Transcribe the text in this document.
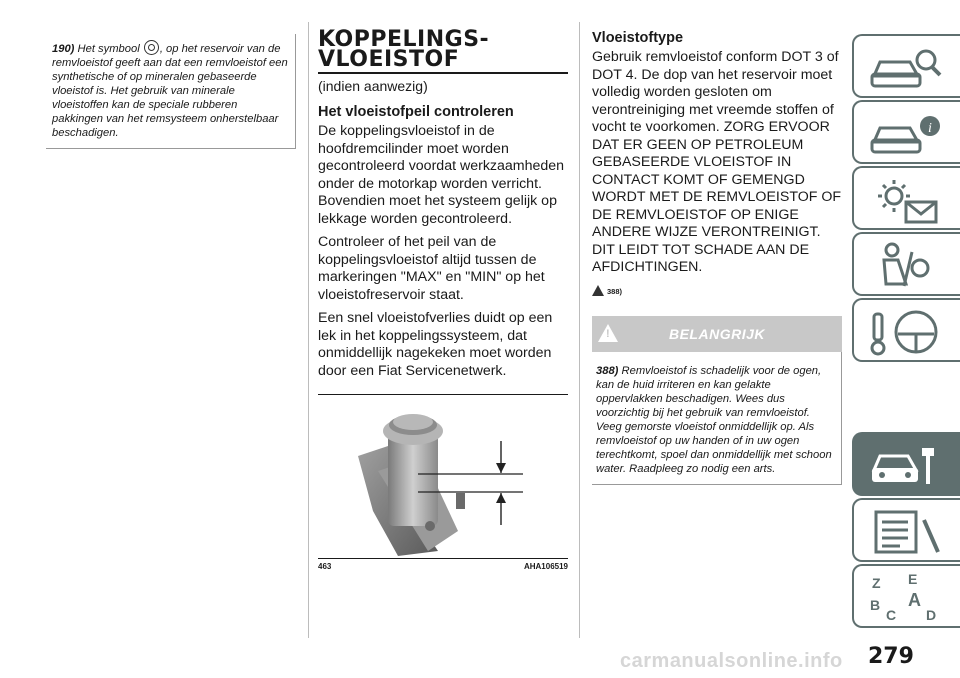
190) Het symbool , op het reservoir van de remvloeistof geeft aan dat een remvloeistof een synthetische of op mineralen gebaseerde vloeistof is. Het gebruik van minerale vloeistoffen kan de speciale rubberen pakkingen van het remsysteem onherstelbaar beschadigen.
KOPPELINGS-
VLOEISTOF
(indien aanwezig)
Het vloeistofpeil controleren

De koppelingsvloeistof in de hoofdremcilinder moet worden gecontroleerd voordat werkzaamheden onder de motorkap worden verricht. Bovendien moet het systeem gelijk op lekkage worden gecontroleerd.

Controleer of het peil van de koppelingsvloeistof altijd tussen de markeringen "MAX" en "MIN" op het vloeistofreservoir staat.

Een snel vloeistofverlies duidt op een lek in het koppelingssysteem, dat onmiddellijk nagekeken moet worden door een Fiat Servicenetwerk.

463	AHA106519
Vloeistoftype
Gebruik remvloeistof conform DOT 3 of DOT 4. De dop van het reservoir moet volledig worden gesloten om verontreiniging met vreemde stoffen of vocht te voorkomen. ZORG ERVOOR DAT ER GEEN OP PETROLEUM GEBASEERDE VLOEISTOF IN CONTACT KOMT OF GEMENGD WORDT MET DE REMVLOEISTOF OF DE REMVLOEISTOF OP ENIGE ANDERE WIJZE VERONTREINIGT. DIT LEIDT TOT SCHADE AAN DE AFDICHTINGEN.
388)
!
BELANGRIJK
388) Remvloeistof is schadelijk voor de ogen, kan de huid irriteren en kan gelakte oppervlakken beschadigen. Wees dus voorzichtig bij het gebruik van remvloeistof. Veeg gemorste vloeistof onmiddellijk op. Als remvloeistof op uw handen of in uw ogen terechtkomt, spoel dan onmiddellijk met schoon water. Raadpleeg zo nodig een arts.
i
Z E
B A
C D
279
carmanualsonline.info
